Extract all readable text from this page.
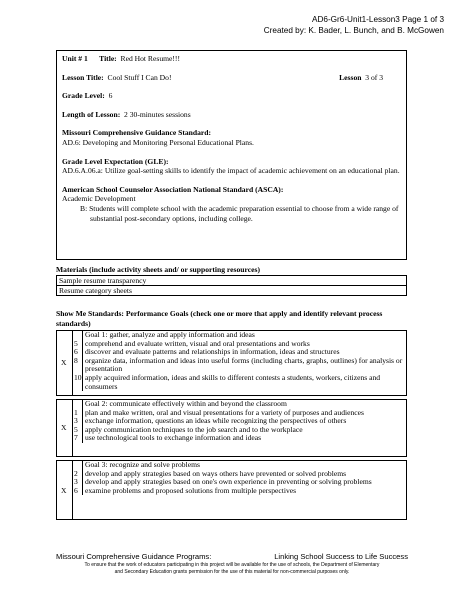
AD6-Gr6-Unit1-Lesson3 Page 1 of 3
Created by: K. Bader, L. Bunch, and B. McGowen
Unit # 1 Title: Red Hot Resume!!!
Lesson Title: Cool Stuff I Can Do!	Lesson 3 of 3
Grade Level: 6
Length of Lesson: 2 30-minutes sessions
Missouri Comprehensive Guidance Standard:
AD.6: Developing and Monitoring Personal Educational Plans.
Grade Level Expectation (GLE):
AD.6.A.06.a: Utilize goal-setting skills to identify the impact of academic achievement on an educational plan.
American School Counselor Association National Standard (ASCA):
Academic Development
B: Students will complete school with the academic preparation essential to choose from a wide range of substantial post-secondary options, including college.
Materials (include activity sheets and/ or supporting resources)
Sample resume transparency
Resume category sheets
Show Me Standards: Performance Goals (check one or more that apply and identify relevant process standards)
X
Goal 1: gather, analyze and apply information and ideas
5 comprehend and evaluate written, visual and oral presentations and works
6 discover and evaluate patterns and relationships in information, ideas and structures
8 organize data, information and ideas into useful forms (including charts, graphs, outlines) for analysis or presentation
10 apply acquired information, ideas and skills to different contests a students, workers, citizens and consumers
X
Goal 2: communicate effectively within and beyond the classroom
1 plan and make written, oral and visual presentations for a variety of purposes and audiences
3 exchange information, questions an ideas while recognizing the perspectives of others
5 apply communication techniques to the job search and to the workplace
7 use technological tools to exchange information and ideas
X
Goal 3: recognize and solve problems
2 develop and apply strategies based on ways others have prevented or solved problems
3 develop and apply strategies based on one's own experience in preventing or solving problems
6 examine problems and proposed solutions from multiple perspectives
Missouri Comprehensive Guidance Programs:	Linking School Success to Life Success
To ensure that the work of educators participating in this project will be available for the use of schools, the Department of Elementary
and Secondary Education grants permission for the use of this material for non-commercial purposes only.
